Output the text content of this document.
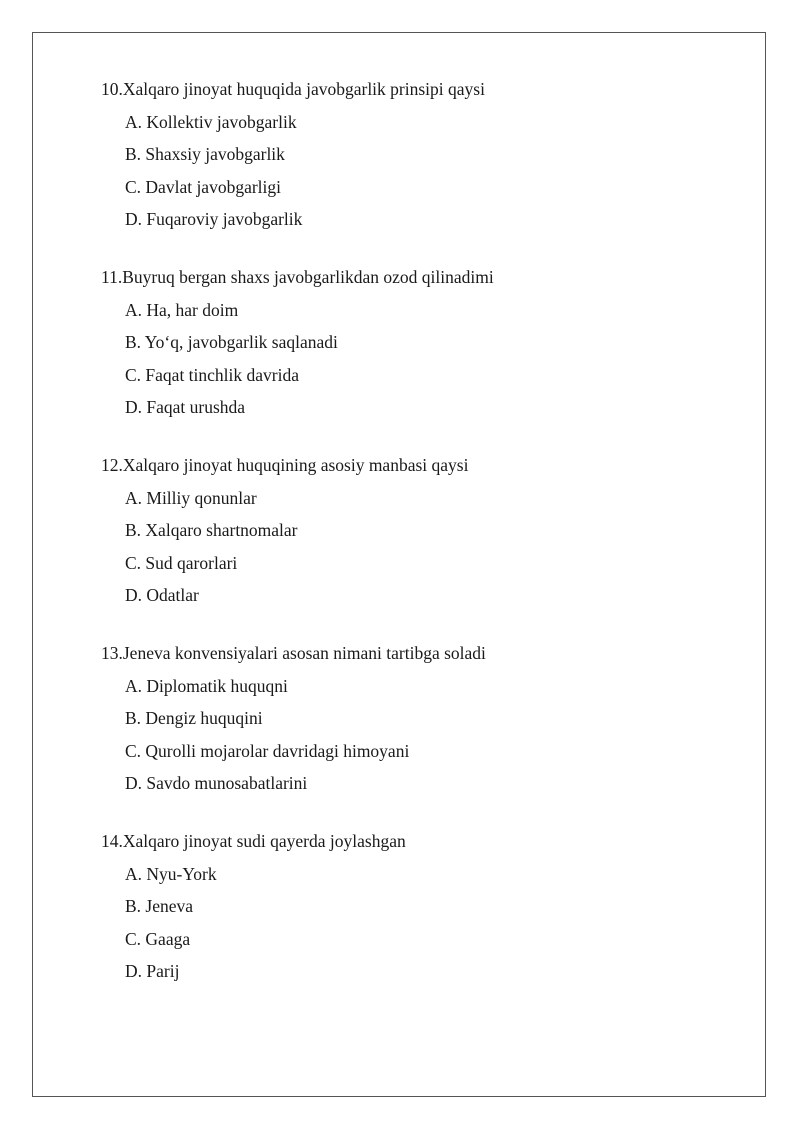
10.Xalqaro jinoyat huquqida javobgarlik prinsipi qaysi
A. Kollektiv javobgarlik
B. Shaxsiy javobgarlik
C. Davlat javobgarligi
D. Fuqaroviy javobgarlik
11.Buyruq bergan shaxs javobgarlikdan ozod qilinadimi
A. Ha, har doim
B. Yo‘q, javobgarlik saqlanadi
C. Faqat tinchlik davrida
D. Faqat urushda
12.Xalqaro jinoyat huquqining asosiy manbasi qaysi
A. Milliy qonunlar
B. Xalqaro shartnomalar
C. Sud qarorlari
D. Odatlar
13.Jeneva konvensiyalari asosan nimani tartibga soladi
A. Diplomatik huquqni
B. Dengiz huquqini
C. Qurolli mojarolar davridagi himoyani
D. Savdo munosabatlarini
14.Xalqaro jinoyat sudi qayerda joylashgan
A. Nyu-York
B. Jeneva
C. Gaaga
D. Parij
